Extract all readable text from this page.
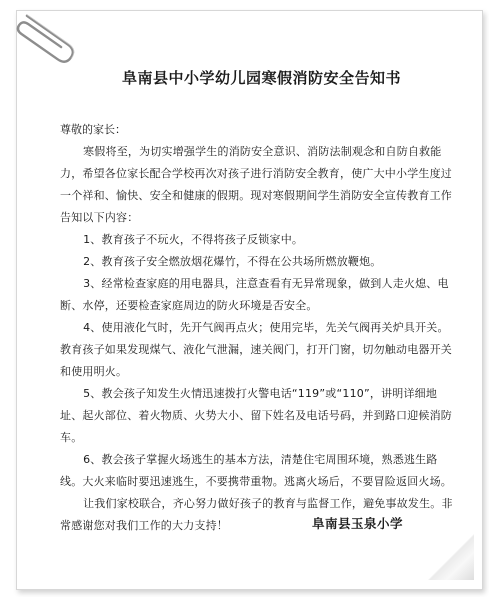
阜南县中小学幼儿园寒假消防安全告知书
尊敬的家长：

寒假将至，为切实增强学生的消防安全意识、消防法制观念和自防自救能力，希望各位家长配合学校再次对孩子进行消防安全教育，使广大中小学生度过一个祥和、愉快、安全和健康的假期。现对寒假期间学生消防安全宣传教育工作告知以下内容：

1、教育孩子不玩火，不得将孩子反锁家中。

2、教育孩子安全燃放烟花爆竹，不得在公共场所燃放鞭炮。

3、经常检查家庭的用电器具，注意查看有无异常现象，做到人走火熄、电断、水停，还要检查家庭周边的防火环境是否安全。

4、使用液化气时，先开气阀再点火；使用完毕，先关气阀再关炉具开关。教育孩子如果发现煤气、液化气泄漏，速关阀门，打开门窗，切勿触动电器开关和使用明火。

5、教会孩子知发生火情迅速拨打火警电话“119”或“110”，讲明详细地址、起火部位、着火物质、火势大小、留下姓名及电话号码，并到路口迎候消防车。

6、教会孩子掌握火场逃生的基本方法，清楚住宅周围环境，熟悉逃生路线。大火来临时要迅速逃生，不要携带重物。逃离火场后，不要冒险返回火场。

让我们家校联合，齐心努力做好孩子的教育与监督工作，避免事故发生。非常感谢您对我们工作的大力支持！	阜南县玉泉小学
